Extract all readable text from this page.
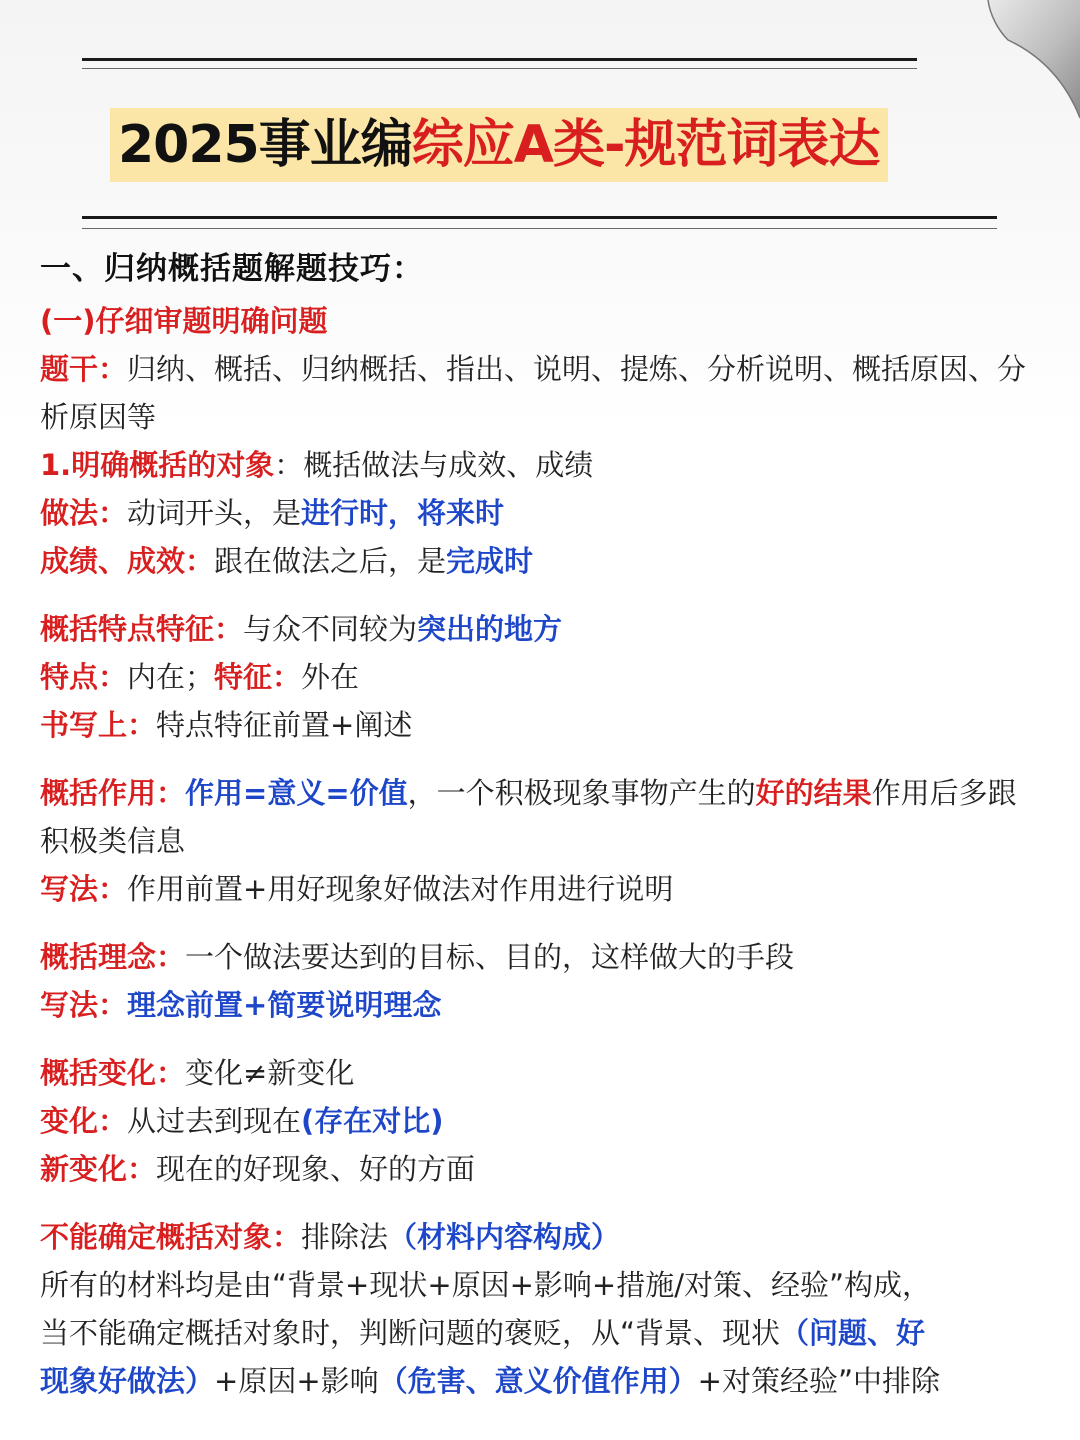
2025事业编 综应A类-规范词表达
一、归纳概括题解题技巧：
(一)仔细审题明确问题
题干：归纳、概括、归纳概括、指出、说明、提炼、分析说明、概括原因、分析原因等
1.明确概括的对象：概括做法与成效、成绩
做法：动词开头，是进行时，将来时
成绩、成效：跟在做法之后，是完成时
概括特点特征：与众不同较为突出的地方
特点：内在；特征：外在
书写上：特点特征前置+阐述
概括作用：作用=意义=价值，一个积极现象事物产生的好的结果作用后多跟积极类信息
写法：作用前置+用好现象好做法对作用进行说明
概括理念：一个做法要达到的目标、目的，这样做大的手段
写法：理念前置+简要说明理念
概括变化：变化≠新变化
变化：从过去到现在(存在对比)
新变化：现在的好现象、好的方面
不能确定概括对象：排除法（材料内容构成）
所有的材料均是由“背景+现状+原因+影响+措施/对策、经验”构成，
当不能确定概括对象时，判断问题的褒贬，从“背景、现状（问题、好
现象好做法）+原因+影响（危害、意义价值作用）+对策经验”中排除
